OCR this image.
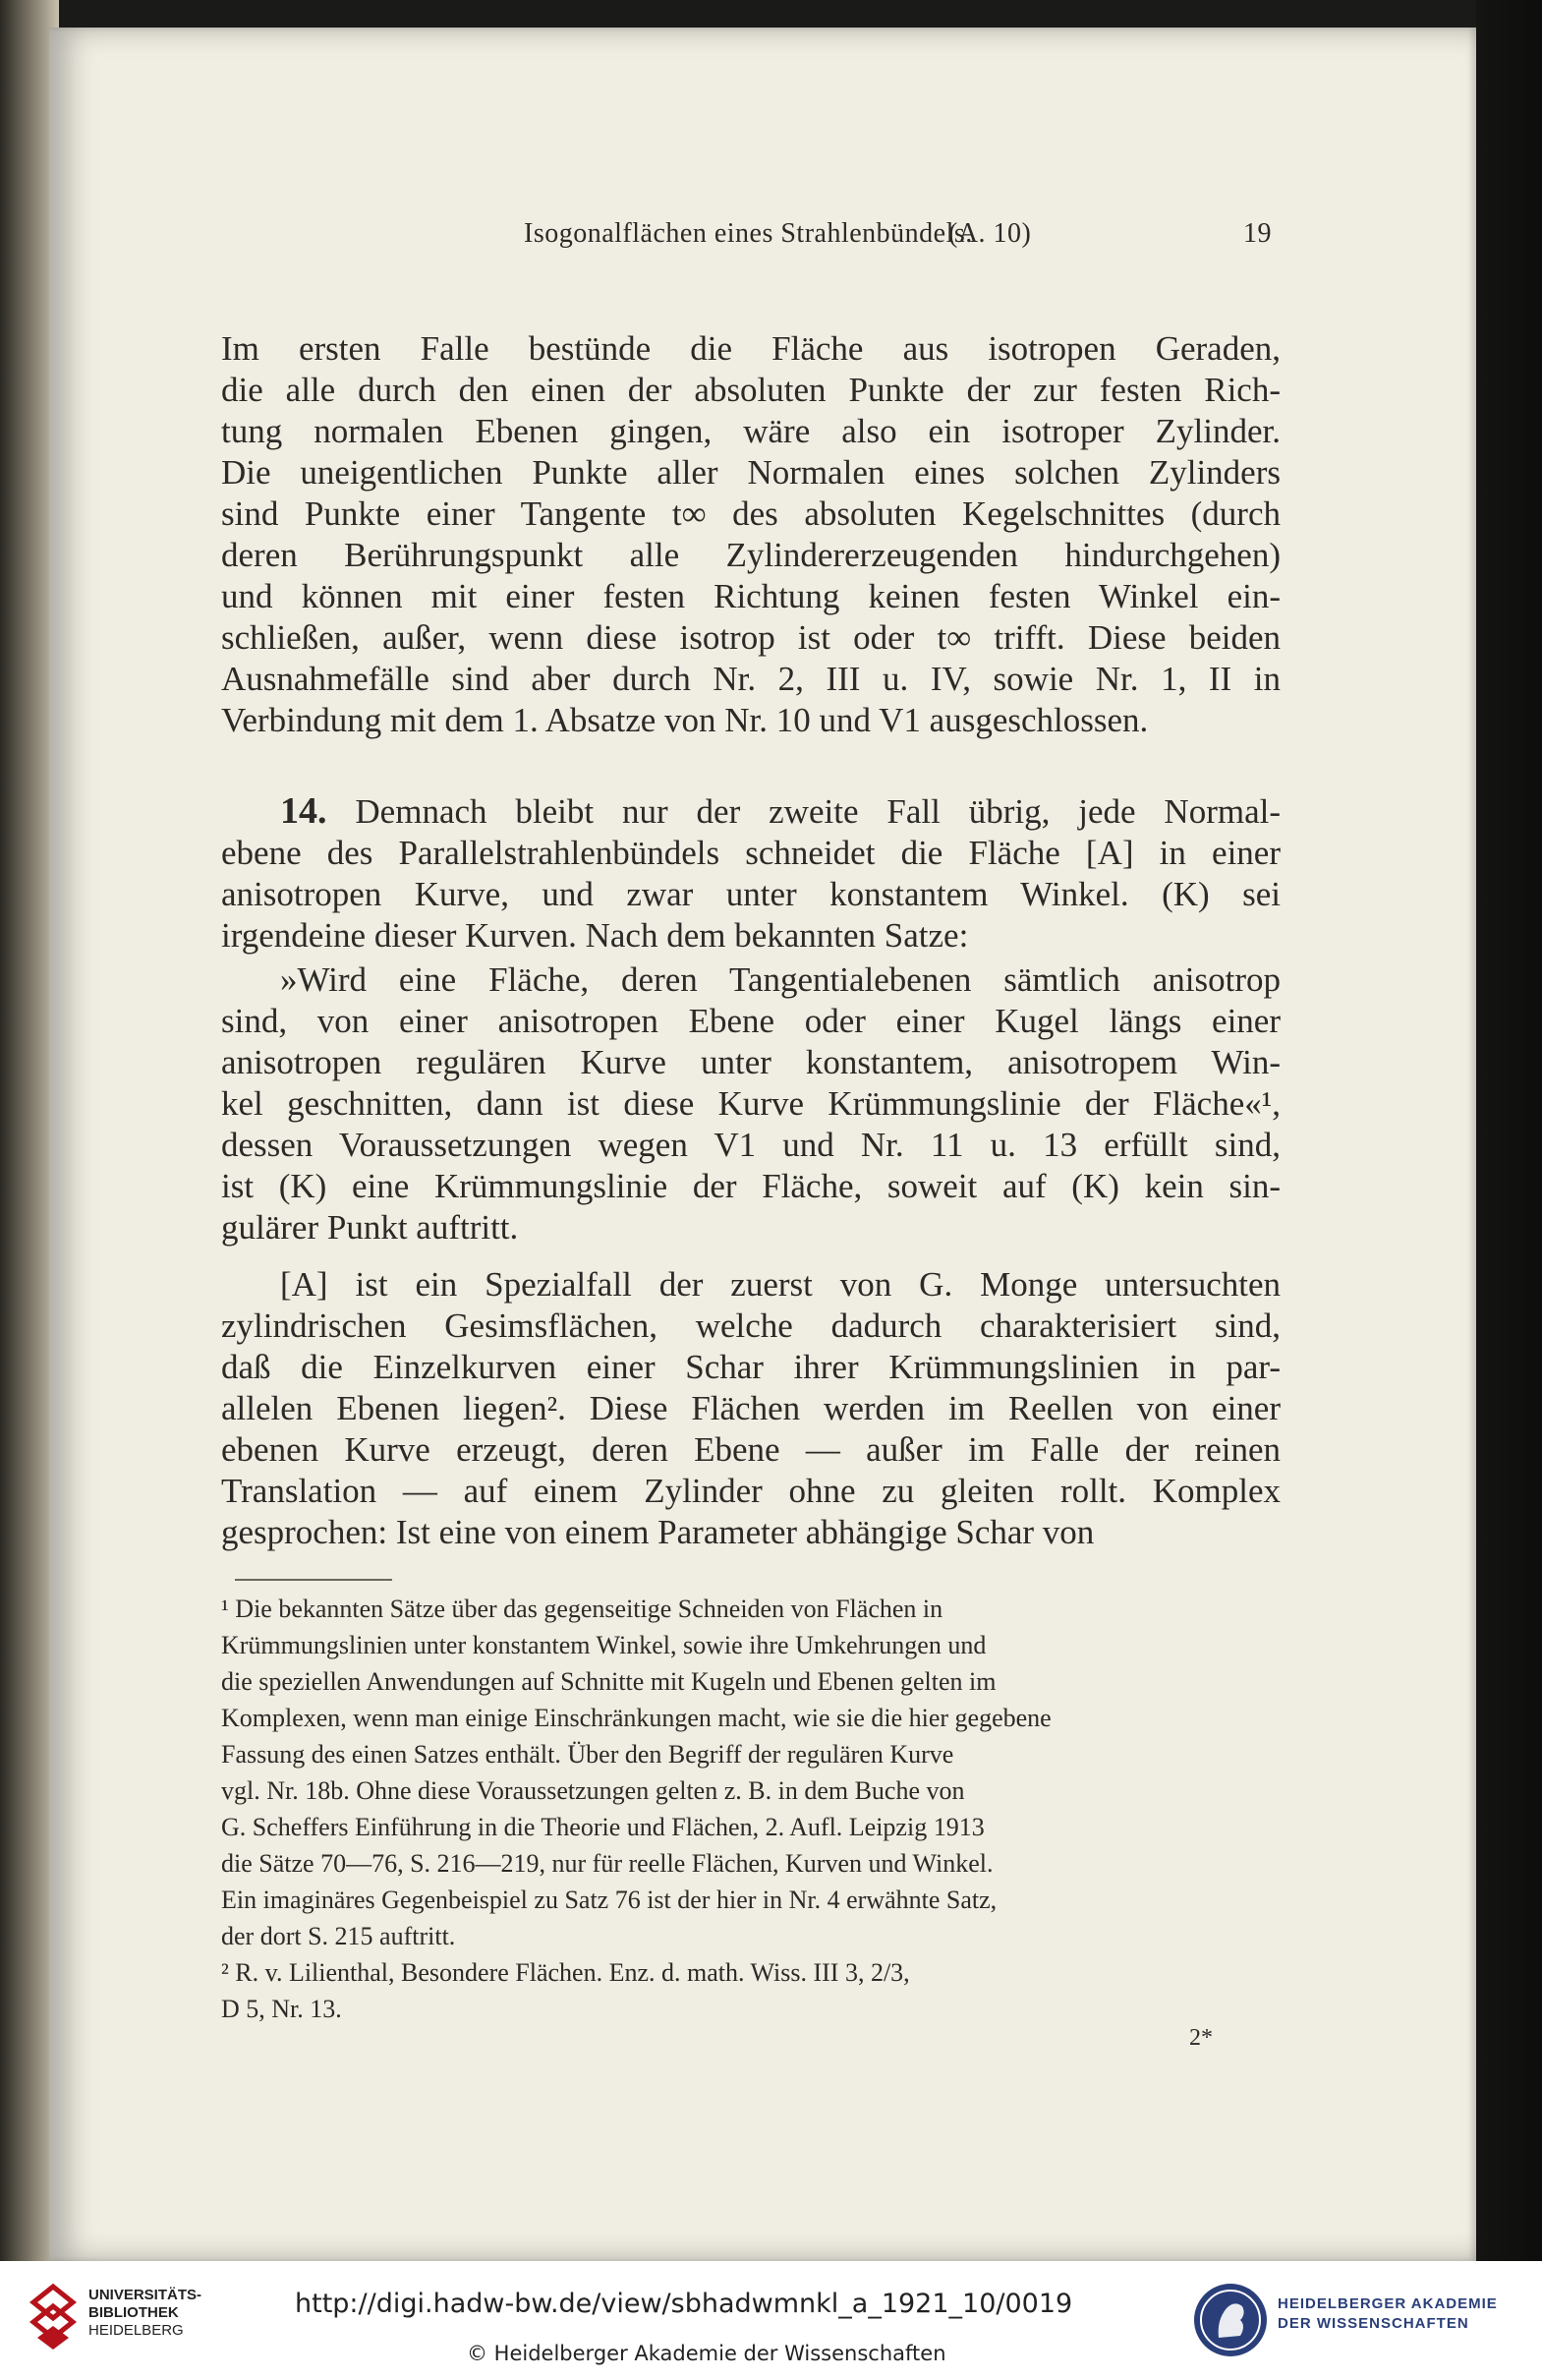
Isogonalflächen eines Strahlenbündels.
(A. 10)	19

Im ersten Falle bestünde die Fläche aus isotropen Geraden,

die alle durch den einen der absoluten Punkte der zur festen Rich-

tung normalen Ebenen gingen, wäre also ein isotroper Zylinder.

Die uneigentlichen Punkte aller Normalen eines solchen Zylinders

sind Punkte einer Tangente t∞ des absoluten Kegelschnittes (durch

deren Berührungspunkt alle Zylindererzeugenden hindurchgehen)

und können mit einer festen Richtung keinen festen Winkel ein-

schließen, außer, wenn diese isotrop ist oder t∞ trifft. Diese beiden

Ausnahmefälle sind aber durch Nr. 2, III u. IV, sowie Nr. 1, II in

Verbindung mit dem 1. Absatze von Nr. 10 und V1 ausgeschlossen.

14. Demnach bleibt nur der zweite Fall übrig, jede Normal-

ebene des Parallelstrahlenbündels schneidet die Fläche [A] in einer

anisotropen Kurve, und zwar unter konstantem Winkel. (K) sei

irgendeine dieser Kurven. Nach dem bekannten Satze:

»Wird eine Fläche, deren Tangentialebenen sämtlich anisotrop

sind, von einer anisotropen Ebene oder einer Kugel längs einer

anisotropen regulären Kurve unter konstantem, anisotropem Win-

kel geschnitten, dann ist diese Kurve Krümmungslinie der Fläche«¹,

dessen Voraussetzungen wegen V1 und Nr. 11 u. 13 erfüllt sind,

ist (K) eine Krümmungslinie der Fläche, soweit auf (K) kein sin-

gulärer Punkt auftritt.

[A] ist ein Spezialfall der zuerst von G. Monge untersuchten

zylindrischen Gesimsflächen, welche dadurch charakterisiert sind,

daß die Einzelkurven einer Schar ihrer Krümmungslinien in par-

allelen Ebenen liegen². Diese Flächen werden im Reellen von einer

ebenen Kurve erzeugt, deren Ebene — außer im Falle der reinen

Translation — auf einem Zylinder ohne zu gleiten rollt. Komplex

gesprochen: Ist eine von einem Parameter abhängige Schar von

¹ Die bekannten Sätze über das gegenseitige Schneiden von Flächen in

Krümmungslinien unter konstantem Winkel, sowie ihre Umkehrungen und

die speziellen Anwendungen auf Schnitte mit Kugeln und Ebenen gelten im

Komplexen, wenn man einige Einschränkungen macht, wie sie die hier gegebene

Fassung des einen Satzes enthält. Über den Begriff der regulären Kurve

vgl. Nr. 18b. Ohne diese Voraussetzungen gelten z. B. in dem Buche von

G. Scheffers Einführung in die Theorie und Flächen, 2. Aufl. Leipzig 1913

die Sätze 70—76, S. 216—219, nur für reelle Flächen, Kurven und Winkel.

Ein imaginäres Gegenbeispiel zu Satz 76 ist der hier in Nr. 4 erwähnte Satz,

der dort S. 215 auftritt.

² R. v. Lilienthal, Besondere Flächen. Enz. d. math. Wiss. III 3, 2/3,

D 5, Nr. 13.

2*
UNIVERSITÄTS-
BIBLIOTHEK
HEIDELBERG
http://digi.hadw-bw.de/view/sbhadwmnkl_a_1921_10/0019
© Heidelberger Akademie der Wissenschaften
HEIDELBERGER AKADEMIE
DER WISSENSCHAFTEN
